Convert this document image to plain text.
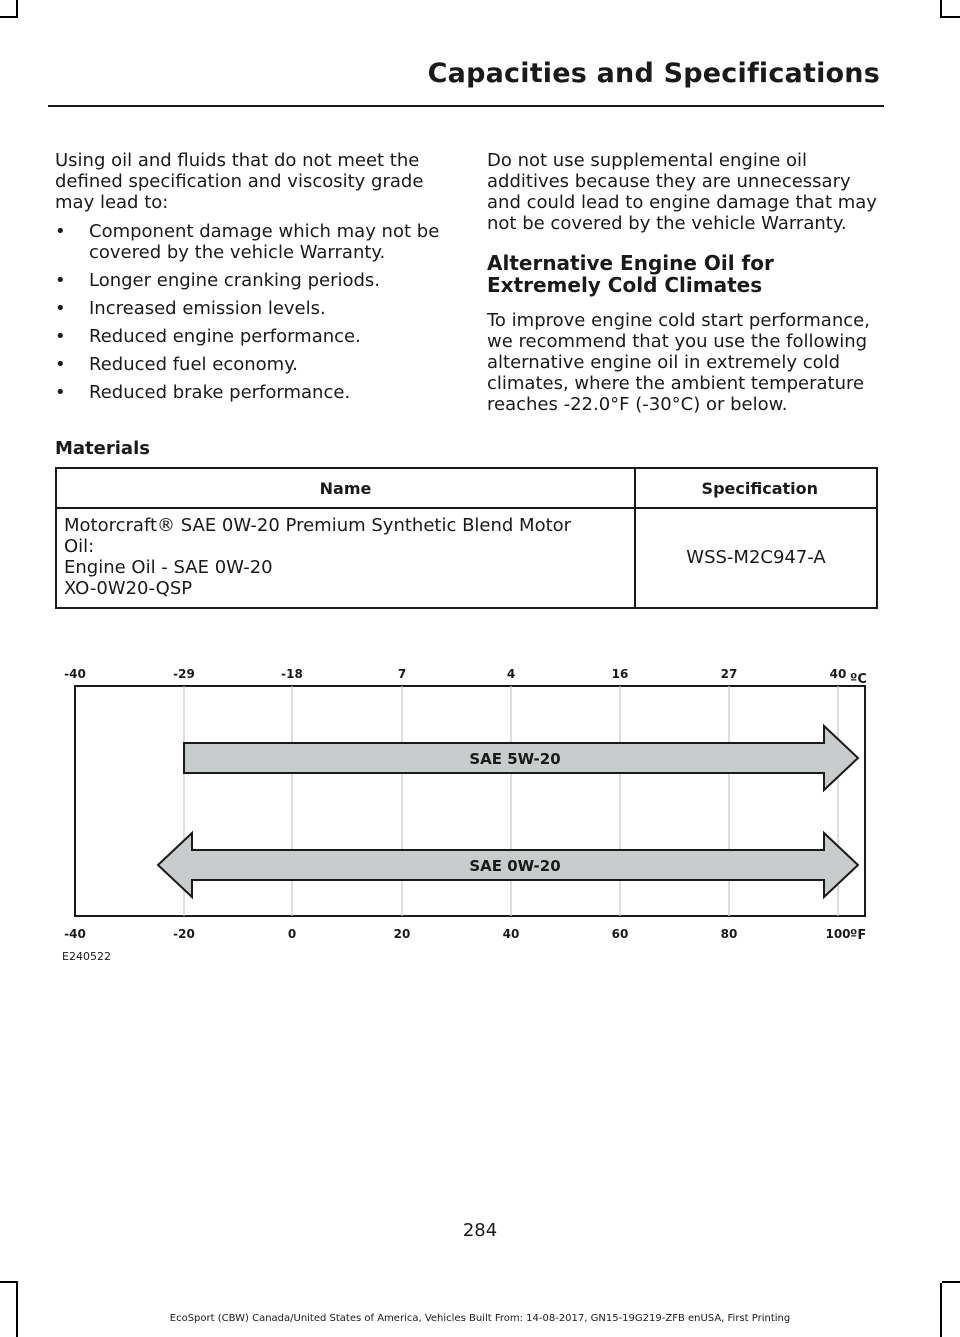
Capacities and Specifications

Using oil and fluids that do not meet the defined specification and viscosity grade may lead to:

• Component damage which may not be covered by the vehicle Warranty.
• Longer engine cranking periods.
• Increased emission levels.
• Reduced engine performance.
• Reduced fuel economy.
• Reduced brake performance.

Do not use supplemental engine oil additives because they are unnecessary and could lead to engine damage that may not be covered by the vehicle Warranty.

Alternative Engine Oil for Extremely Cold Climates

To improve engine cold start performance, we recommend that you use the following alternative engine oil in extremely cold climates, where the ambient temperature reaches -22.0°F (-30°C) or below.

Materials
Name	Specification

Motorcraft® SAE 0W-20 Premium Synthetic Blend Motor
Oil:
Engine Oil - SAE 0W-20
XO-0W20-QSP	WSS-M2C947-A
-40	-29	-18	7	4	16	27	40 ºC
-40	-20	0	20	40	60	80	100 ºF
E240522
SAE 5W-20
SAE 0W-20
284
EcoSport (CBW) Canada/United States of America, Vehicles Built From: 14-08-2017, GN15-19G219-ZFB enUSA, First Printing
